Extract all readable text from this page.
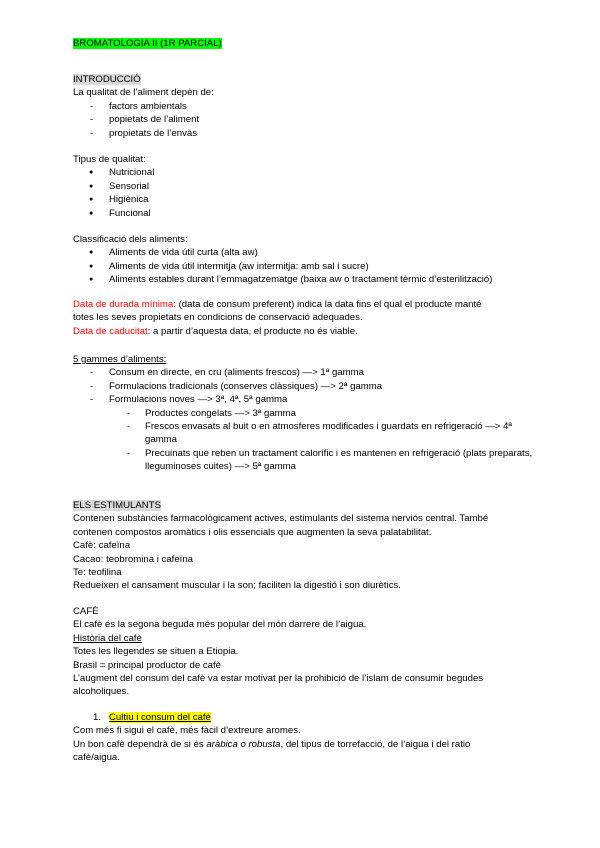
BROMATOLOGIA II (1R PARCIAL)
INTRODUCCIÓ
La qualitat de l’aliment depèn de:
- factors ambientals
- popietats de l’aliment
- propietats de l’envàs
Tipus de qualitat:
● Nutricional
● Sensorial
● Higiènica
● Funcional
Classificació dels aliments:
● Aliments de vida útil curta (alta aw)
● Aliments de vida útil intermitja (aw intermitja: amb sal i sucre)
● Aliments estables durant l’emmagatzematge (baixa aw o tractament tèrmic d’esterilització)
Data de durada mínima: (data de consum preferent) indica la data fins el qual el producte manté
totes les seves propietats en condicions de conservació adequades.
Data de caducitat: a partir d’aquesta data, el producte no és viable.
5 gammes d’aliments:
- Consum en directe, en cru (aliments frescos) —> 1ª gamma
- Formulacions tradicionals (conserves clàssiques) —> 2ª gamma
- Formulacions noves —> 3ª, 4ª, 5ª gamma
- Productes congelats —> 3ª gamma
- Frescos envasats al buit o en atmosferes modificades i guardats en refrigeració —> 4ª gamma
- Precuinats que reben un tractament calorífic i es mantenen en refrigeració (plats preparats, lleguminoses cuites) —> 5ª gamma
ELS ESTIMULANTS
Contenen substàncies farmacològicament actives, estimulants del sistema nerviós central. També
contenen compostos aromàtics i olis essencials que augmenten la seva palatabilitat.
Cafè: cafeïna
Cacao: teobromina i cafeïna
Te: teofilina
Redueixen el cansament muscular i la son; faciliten la digestió i son diurètics.
CAFÈ
El cafè és la segona beguda més popular del món darrere de l’aigua.
Història del cafè
Totes les llegendes se situen a Etiopia.
Brasil = principal productor de cafè
L’augment del consum del cafè va estar motivat per la prohibició de l’islam de consumir begudes
alcoholiques.
1. Cultiu i consum del cafè
Com més fi sigui el cafè, més fàcil d’extreure aromes.
Un bon cafè dependrà de si és aràbica o robusta, del tipus de torrefacció, de l’aigua i del ratio
cafè/aigua.
